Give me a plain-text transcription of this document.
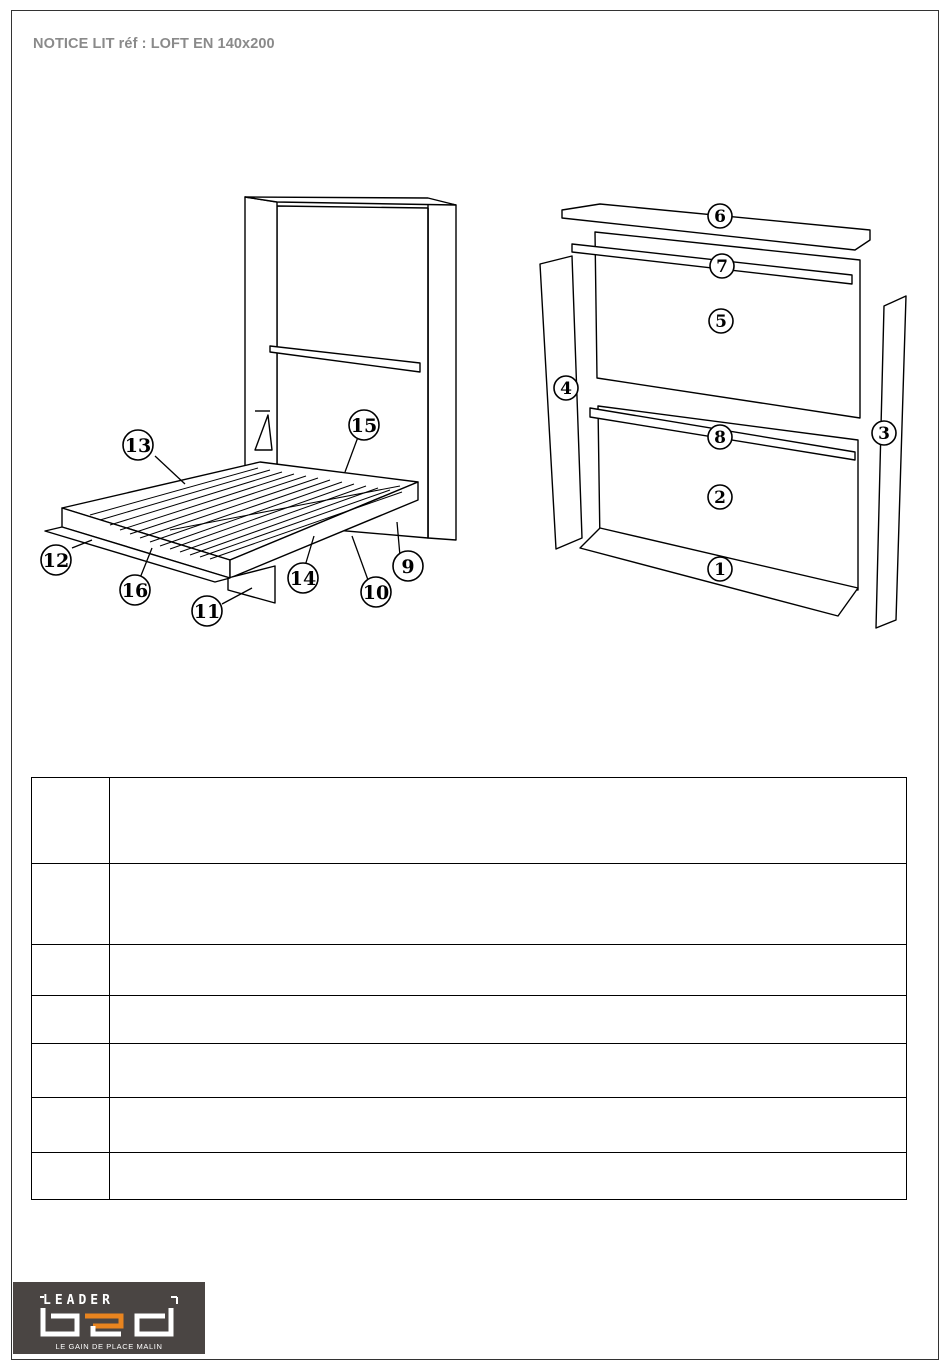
NOTICE LIT réf : LOFT EN 140x200
13
15
12
16
11
14
10
9
6
7
5
4
8	3
2
1

LEADER
LE GAIN DE PLACE MALIN
